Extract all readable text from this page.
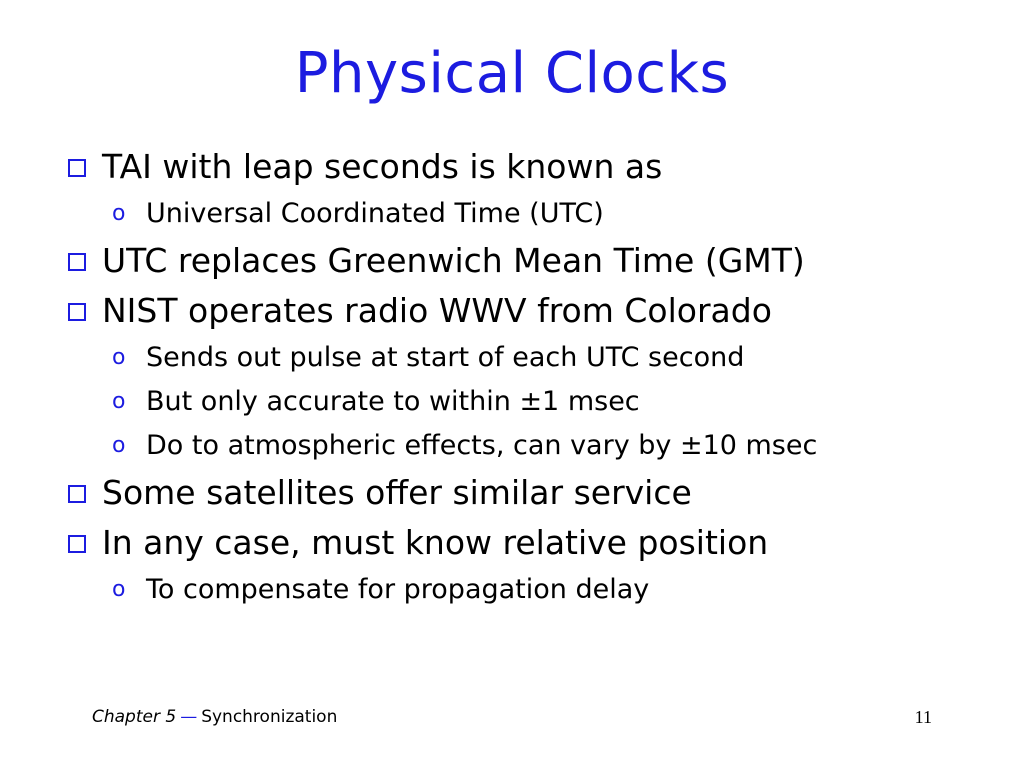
Physical Clocks
TAI with leap seconds is known as
o Universal Coordinated Time (UTC)
UTC replaces Greenwich Mean Time (GMT)
NIST operates radio WWV from Colorado
o Sends out pulse at start of each UTC second
o But only accurate to within ±1 msec
o Do to atmospheric effects, can vary by ±10 msec
Some satellites offer similar service
In any case, must know relative position
o To compensate for propagation delay
Chapter 5 — Synchronization	11
